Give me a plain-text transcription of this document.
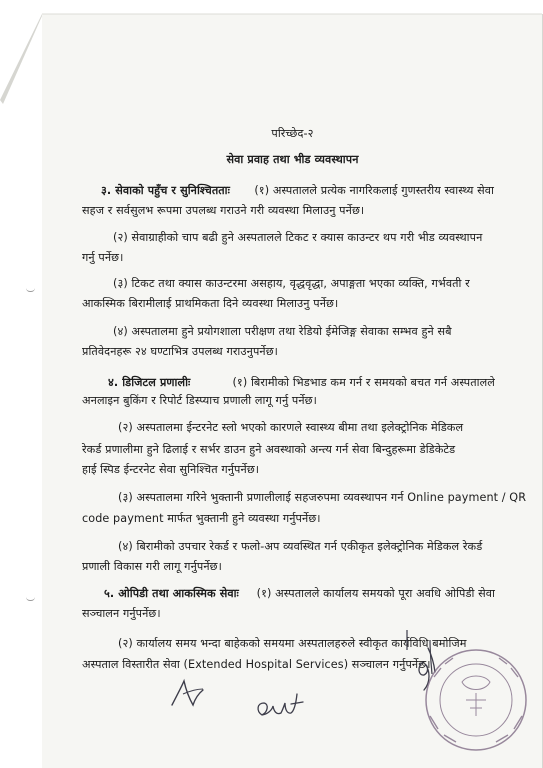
परिच्छेद-२
सेवा प्रवाह तथा भीड व्यवस्थापन
३. सेवाको पहुँच र सुनिश्चितताः (१) अस्पतालले प्रत्येक नागरिकलाई गुणस्तरीय स्वास्थ्य सेवा
सहज र सर्वसुलभ रूपमा उपलब्ध गराउने गरी व्यवस्था मिलाउनु पर्नेछ।
(२) सेवाग्राहीको चाप बढी हुने अस्पतालले टिकट र क्यास काउन्टर थप गरी भीड व्यवस्थापन
गर्नु पर्नेछ।
(३) टिकट तथा क्यास काउन्टरमा असहाय, वृद्धवृद्धा, अपाङ्गता भएका व्यक्ति, गर्भवती र
आकस्मिक बिरामीलाई प्राथमिकता दिने व्यवस्था मिलाउनु पर्नेछ।
(४) अस्पतालमा हुने प्रयोगशाला परीक्षण तथा रेडियो ईमेजिङ्ग सेवाका सम्भव हुने सबै
प्रतिवेदनहरू २४ घण्टाभित्र उपलब्ध गराउनुपर्नेछ।
४. डिजिटल प्रणालीः	(१) बिरामीको भिडभाड कम गर्न र समयको बचत गर्न अस्पतालले
अनलाइन बुकिंग र रिपोर्ट डिस्प्याच प्रणाली लागू गर्नु पर्नेछ।
(२) अस्पतालमा ईन्टरनेट स्लो भएको कारणले स्वास्थ्य बीमा तथा इलेक्ट्रोनिक मेडिकल
रेकर्ड प्रणालीमा हुने ढिलाई र सर्भर डाउन हुने अवस्थाको अन्त्य गर्न सेवा बिन्दुहरूमा डेडिकेटेड
हाई स्पिड ईन्टरनेट सेवा सुनिश्चित गर्नुपर्नेछ।
(३) अस्पतालमा गरिने भुक्तानी प्रणालीलाई सहजरुपमा व्यवस्थापन गर्न Online payment / QR
code payment मार्फत भुक्तानी हुने व्यवस्था गर्नुपर्नेछ।
(४) बिरामीको उपचार रेकर्ड र फलो-अप व्यवस्थित गर्न एकीकृत इलेक्ट्रोनिक मेडिकल रेकर्ड
प्रणाली विकास गरी लागू गर्नुपर्नेछ।
५. ओपिडी तथा आकस्मिक सेवाः (१) अस्पतालले कार्यालय समयको पूरा अवधि ओपिडी सेवा
सञ्चालन गर्नुपर्नेछ।
(२) कार्यालय समय भन्दा बाहेकको समयमा अस्पतालहरुले स्वीकृत कार्यविधि बमोजिम
अस्पताल विस्तारीत सेवा (Extended Hospital Services) सञ्चालन गर्नुपर्नेछ।
